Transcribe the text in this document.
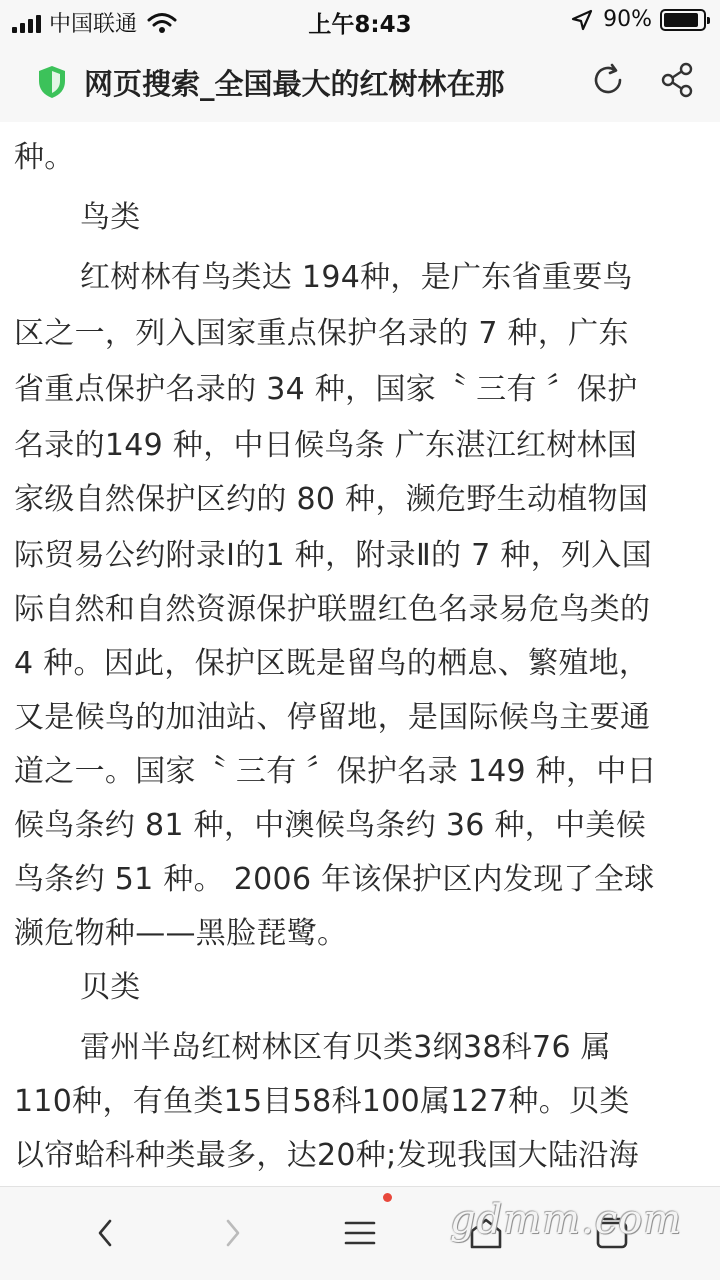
中国联通	上午8:43	90%
网页搜索_全国最大的红树林在那
种。
鸟类
红树林有鸟类达 194种，是广东省重要鸟
区之一，列入国家重点保护名录的 7 种，广东
省重点保护名录的 34 种，国家〝 三有 〞保护
名录的149 种，中日候鸟条 广东湛江红树林国
家级自然保护区约的 80 种，濒危野生动植物国
际贸易公约附录Ⅰ的1 种，附录Ⅱ的 7 种，列入国
际自然和自然资源保护联盟红色名录易危鸟类的
4 种。因此，保护区既是留鸟的栖息、繁殖地，
又是候鸟的加油站、停留地，是国际候鸟主要通
道之一。国家〝 三有 〞保护名录 149 种，中日
候鸟条约 81 种，中澳候鸟条约 36 种，中美候
鸟条约 51 种。 2006 年该保护区内发现了全球
濒危物种——黑脸琵鹭。
贝类
雷州半岛红树林区有贝类3纲38科76 属
110种，有鱼类15目58科100属127种。贝类
以帘蛤科种类最多，达20种;发现我国大陆沿海
gdmm.com
